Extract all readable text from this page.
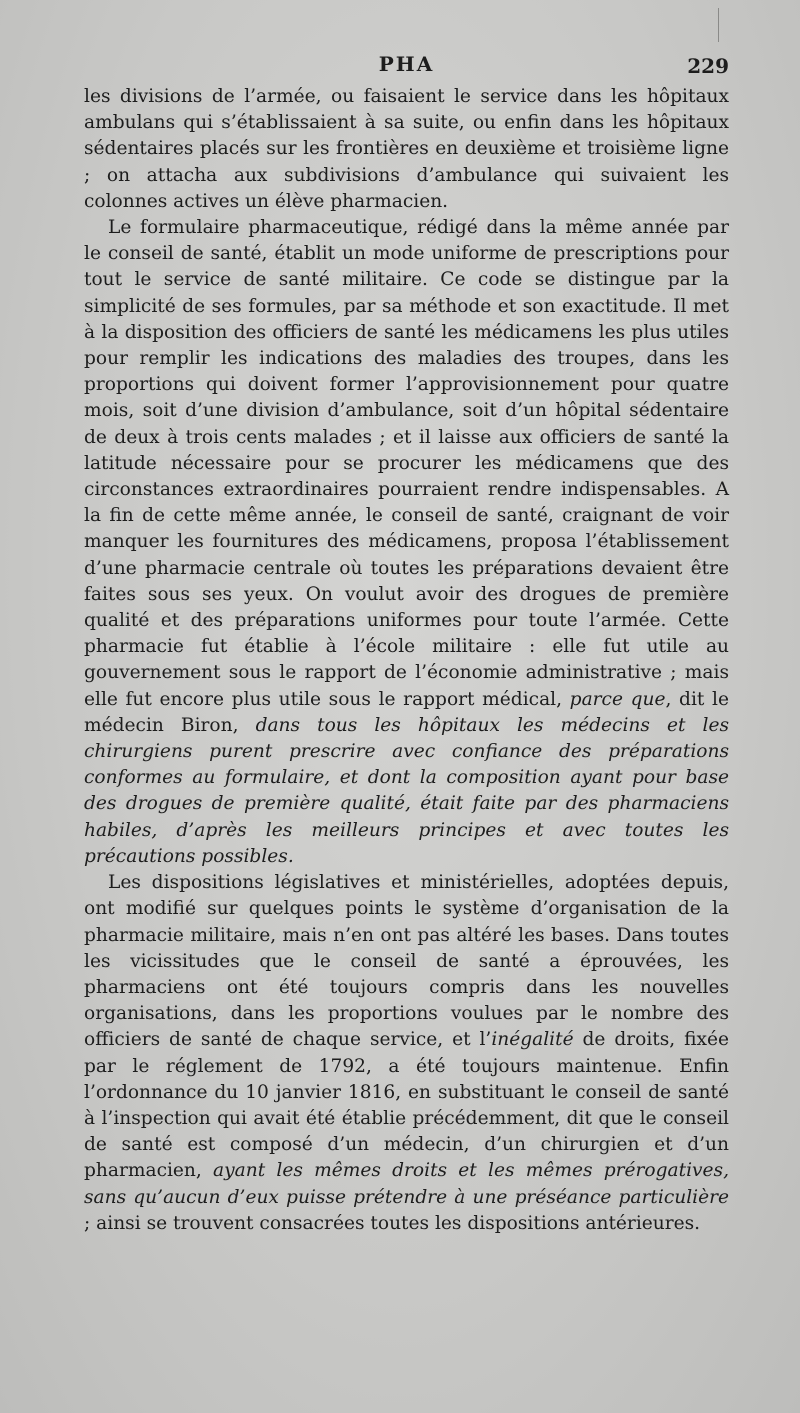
PHA	229

les divisions de l’armée, ou faisaient le service dans les hôpitaux ambulans qui s’établissaient à sa suite, ou enfin dans les hôpitaux sédentaires placés sur les frontières en deuxième et troisième ligne ; on attacha aux subdivisions d’ambulance qui suivaient les colonnes actives un élève pharmacien.

Le formulaire pharmaceutique, rédigé dans la même année par le conseil de santé, établit un mode uniforme de prescriptions pour tout le service de santé militaire. Ce code se distingue par la simplicité de ses formules, par sa méthode et son exactitude. Il met à la disposition des officiers de santé les médicamens les plus utiles pour remplir les indications des maladies des troupes, dans les proportions qui doivent former l’approvisionnement pour quatre mois, soit d’une division d’ambulance, soit d’un hôpital sédentaire de deux à trois cents malades ; et il laisse aux officiers de santé la latitude nécessaire pour se procurer les médicamens que des circonstances extraordinaires pourraient rendre indispensables. A la fin de cette même année, le conseil de santé, craignant de voir manquer les fournitures des médicamens, proposa l’établissement d’une pharmacie centrale où toutes les préparations devaient être faites sous ses yeux. On voulut avoir des drogues de première qualité et des préparations uniformes pour toute l’armée. Cette pharmacie fut établie à l’école militaire : elle fut utile au gouvernement sous le rapport de l’économie administrative ; mais elle fut encore plus utile sous le rapport médical, parce que, dit le médecin Biron, dans tous les hôpitaux les médecins et les chirurgiens purent prescrire avec confiance des préparations conformes au formulaire, et dont la composition ayant pour base des drogues de première qualité, était faite par des pharmaciens habiles, d’après les meilleurs principes et avec toutes les précautions possibles.

Les dispositions législatives et ministérielles, adoptées depuis, ont modifié sur quelques points le système d’organisation de la pharmacie militaire, mais n’en ont pas altéré les bases. Dans toutes les vicissitudes que le conseil de santé a éprouvées, les pharmaciens ont été toujours compris dans les nouvelles organisations, dans les proportions voulues par le nombre des officiers de santé de chaque service, et l’inégalité de droits, fixée par le réglement de 1792, a été toujours maintenue. Enfin l’ordonnance du 10 janvier 1816, en substituant le conseil de santé à l’inspection qui avait été établie précédemment, dit que le conseil de santé est composé d’un médecin, d’un chirurgien et d’un pharmacien, ayant les mêmes droits et les mêmes prérogatives, sans qu’aucun d’eux puisse prétendre à une préséance particulière ; ainsi se trouvent consacrées toutes les dispositions antérieures.
